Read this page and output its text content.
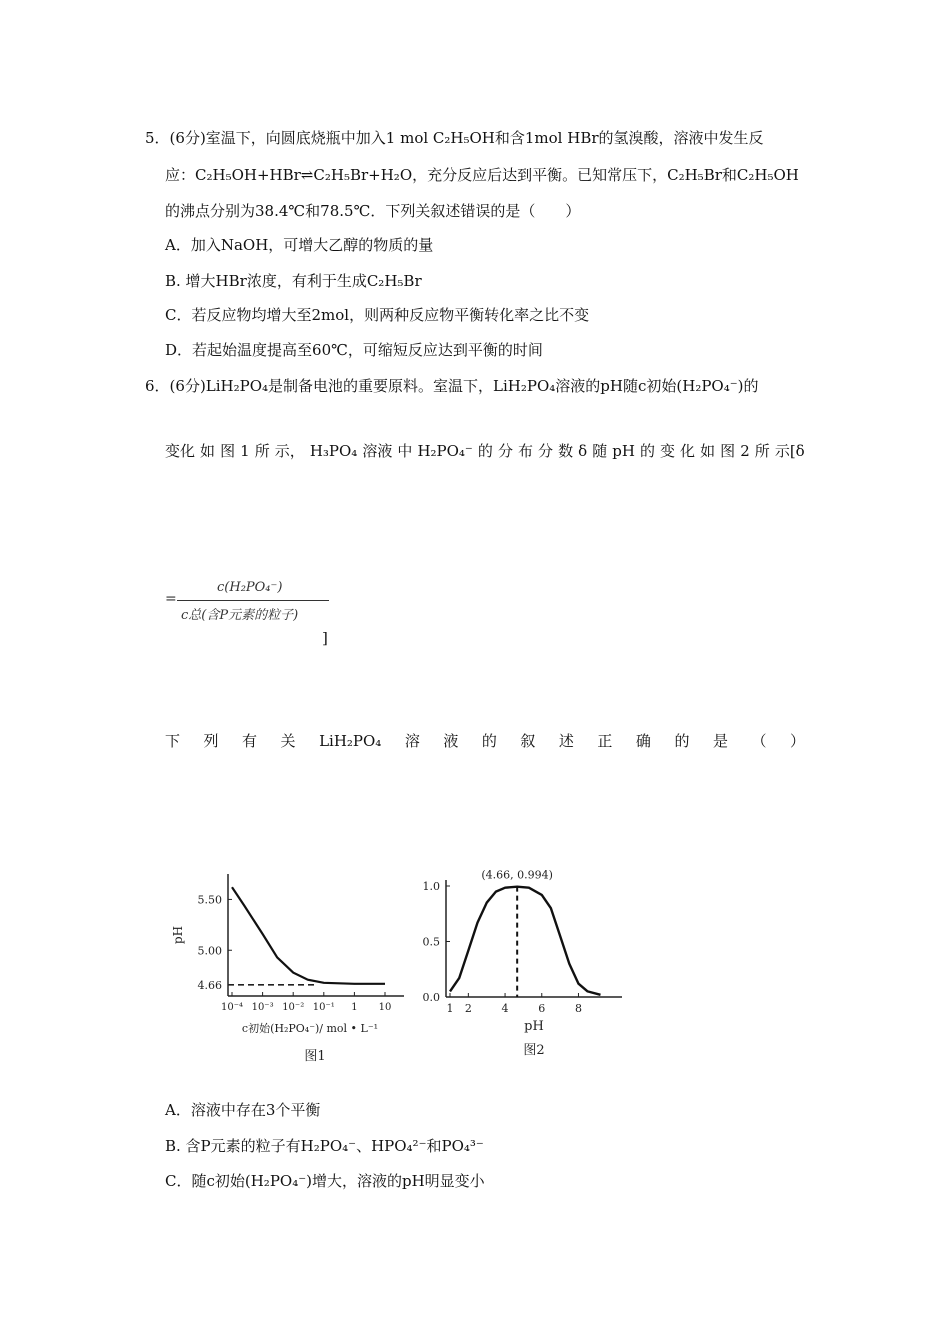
5．(6分)室温下，向圆底烧瓶中加入1 mol C₂H₅OH和含1mol HBr的氢溴酸，溶液中发生反
应：C₂H₅OH+HBr⇌C₂H₅Br+H₂O，充分反应后达到平衡。已知常压下，C₂H₅Br和C₂H₅OH
的沸点分别为38.4℃和78.5℃．下列关叙述错误的是（　　）
A．加入NaOH，可增大乙醇的物质的量
B. 增大HBr浓度，有利于生成C₂H₅Br
C．若反应物均增大至2mol，则两种反应物平衡转化率之比不变
D．若起始温度提高至60℃，可缩短反应达到平衡的时间
6．(6分)LiH₂PO₄是制备电池的重要原料。室温下，LiH₂PO₄溶液的pH随c初始(H₂PO₄⁻)的
变化 如 图 1 所 示， H₃PO₄ 溶液 中 H₂PO₄⁻ 的 分 布 分 数 δ 随 pH 的 变 化 如 图 2 所 示[δ
=
c(H₂PO₄⁻)
c总(含P元素的粒子)
]
下 列 有 关 LiH₂PO₄ 溶 液 的 叙 述 正 确 的 是 （ ）
5.50
5.00
4.66
10⁻⁴ 10⁻³ 10⁻² 10⁻¹ 1 10
pH
c初始(H₂PO₄⁻)/ mol • L⁻¹
图1
1.0
0.5
0.0
1 2	4	6	8
(4.66, 0.994)
pH
图2
A．溶液中存在3个平衡
B. 含P元素的粒子有H₂PO₄⁻、HPO₄²⁻和PO₄³⁻
C．随c初始(H₂PO₄⁻)增大，溶液的pH明显变小
